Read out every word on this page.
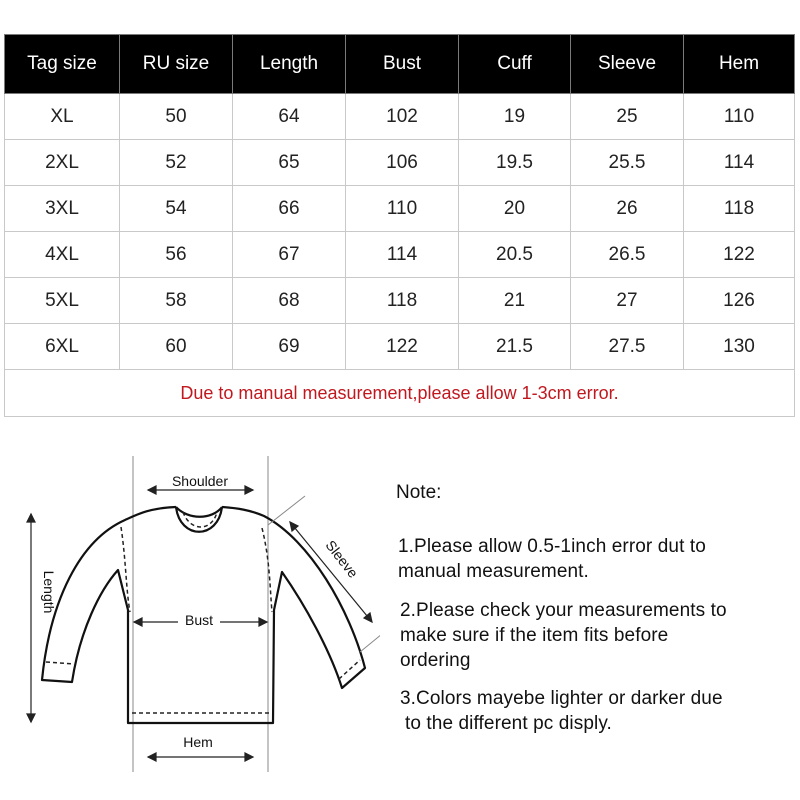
Tag size	RU size	Length	Bust	Cuff	Sleeve	Hem
XL	50	64	102	19	25	110
2XL	52	65	106	19.5	25.5	114
3XL	54	66	110	20	26	118
4XL	56	67	114	20.5	26.5	122
5XL	58	68	118	21	27	126
6XL	60	69	122	21.5	27.5	130
Due to manual measurement,please allow 1-3cm error.						
Shoulder
Bust
Length
Sleeve
Hem

Note:

1.Please allow 0.5-1inch error dut to
manual measurement.
2.Please check your measurements to
make sure if the item fits before
ordering
3.Colors mayebe lighter or darker due
to the different pc disply.
